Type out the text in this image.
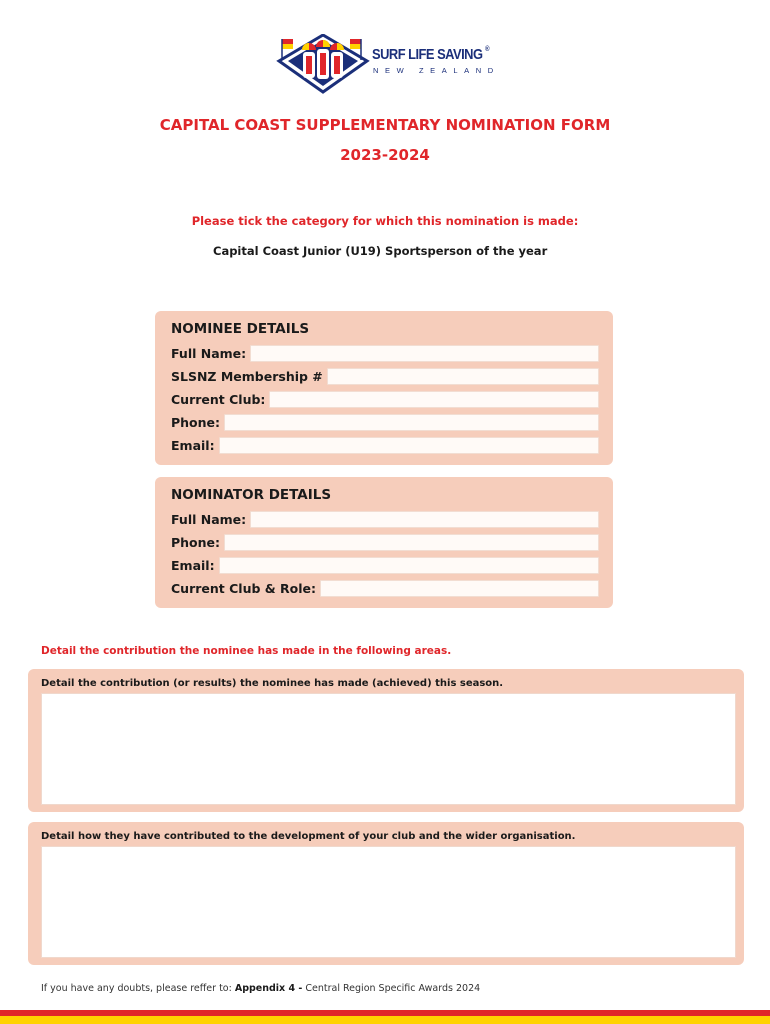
SURF LIFE SAVING ®
NEW ZEALAND
CAPITAL COAST SUPPLEMENTARY NOMINATION FORM
2023-2024
Please tick the category for which this nomination is made:
Capital Coast Junior (U19) Sportsperson of the year
NOMINEE DETAILS
Full Name:
SLSNZ Membership #
Current Club:
Phone:
Email:
NOMINATOR DETAILS
Full Name:
Phone:
Email:
Current Club & Role:
Detail the contribution the nominee has made in the following areas.
Detail the contribution (or results) the nominee has made (achieved) this season.
Detail how they have contributed to the development of your club and the wider organisation.
If you have any doubts, please reffer to: Appendix 4 - Central Region Specific Awards 2024
